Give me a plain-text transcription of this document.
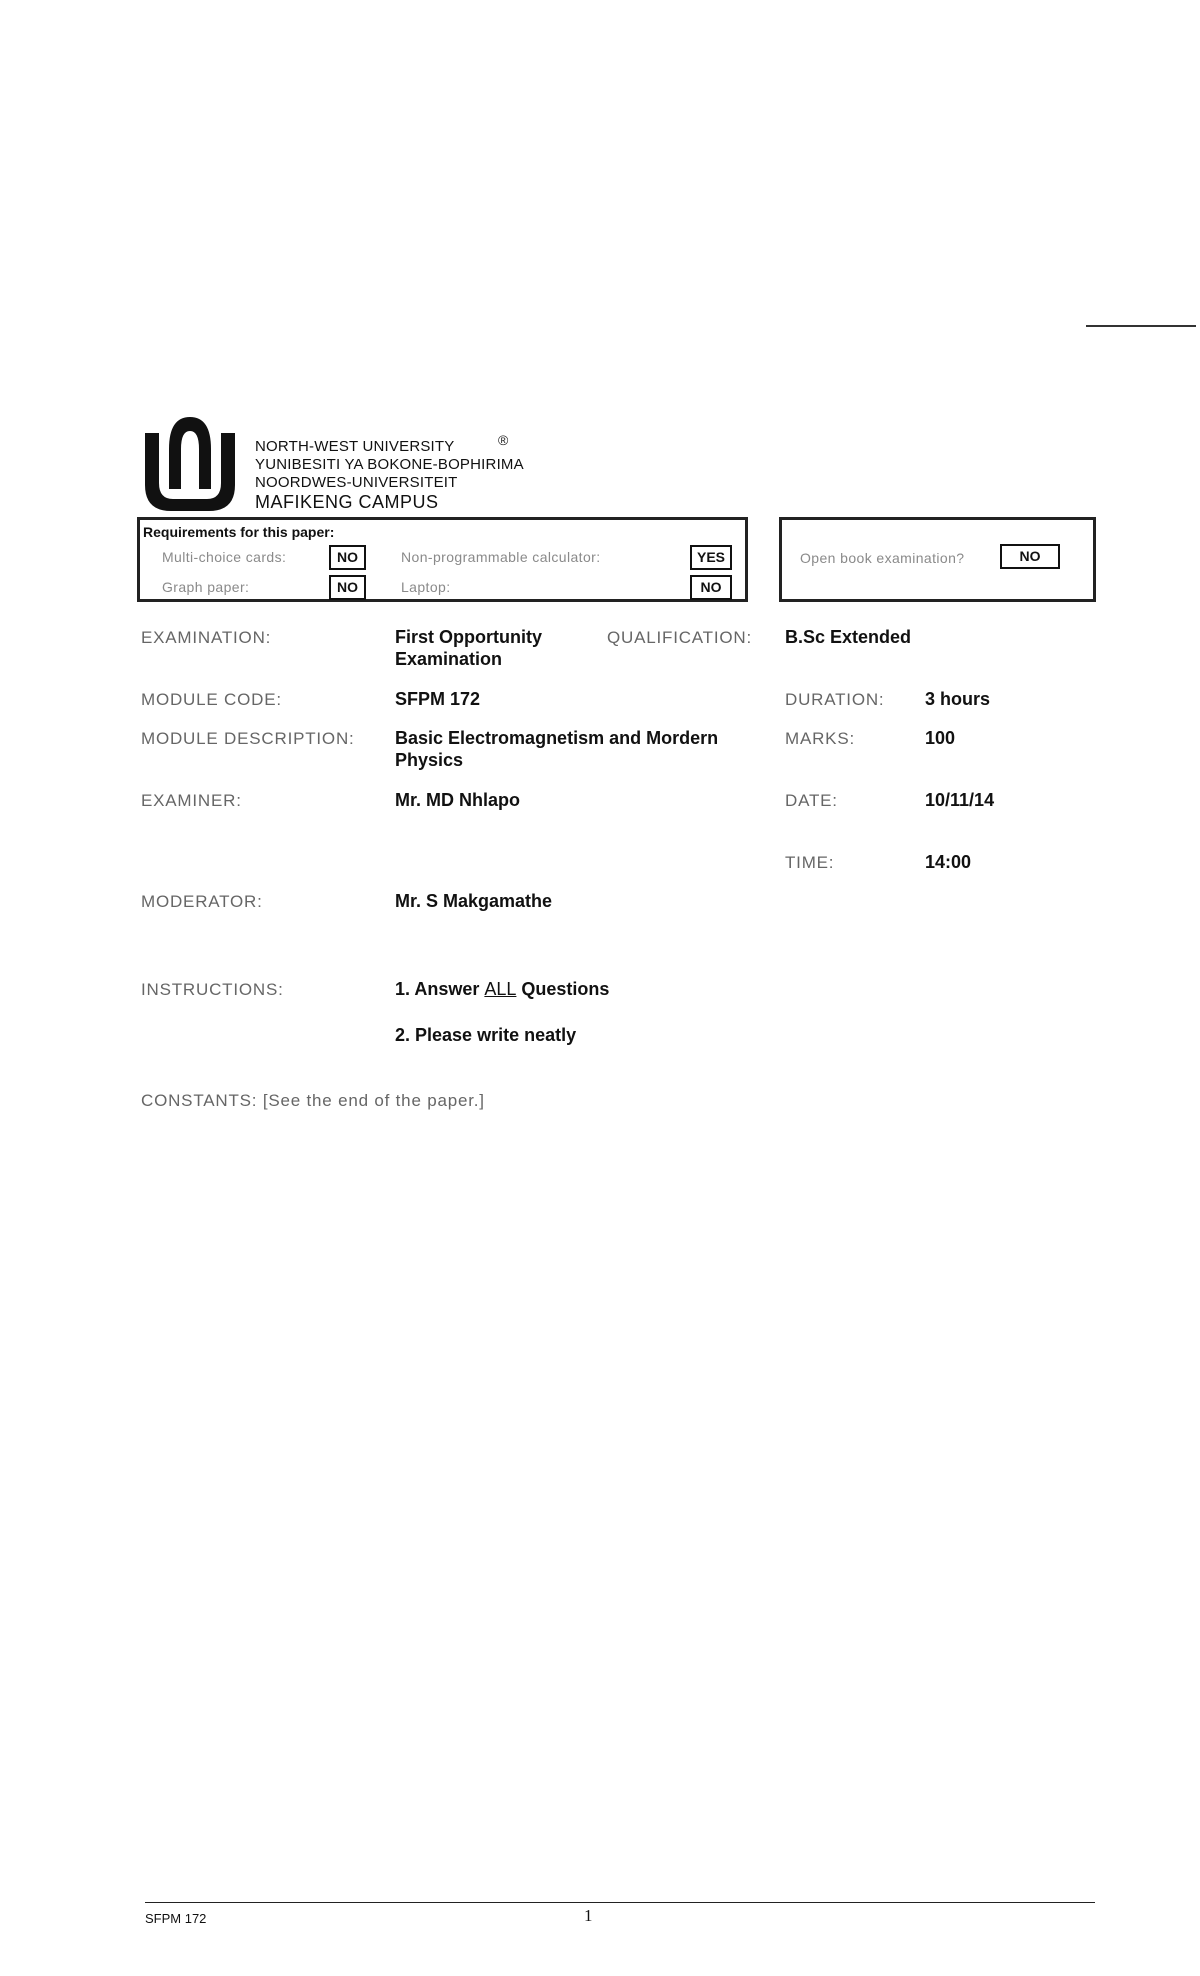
NORTH-WEST UNIVERSITY
YUNIBESITI YA BOKONE-BOPHIRIMA
NOORDWES-UNIVERSITEIT
MAFIKENG CAMPUS
®
Requirements for this paper:
Multi-choice cards:	NO
Graph paper:	NO
Non-programmable calculator:	YES
Laptop:	NO
Open book examination?	NO
EXAMINATION:	First Opportunity
Examination
QUALIFICATION: B.Sc Extended
MODULE CODE:	SFPM 172	DURATION: 3 hours
MODULE DESCRIPTION: Basic Electromagnetism and Mordern
Physics
MARKS:	100
EXAMINER:	Mr. MD Nhlapo	DATE:	10/11/14
TIME:	14:00
MODERATOR:	Mr. S Makgamathe
INSTRUCTIONS:	1. Answer ALL Questions
2. Please write neatly
CONSTANTS: [See the end of the paper.]
SFPM 172	1
